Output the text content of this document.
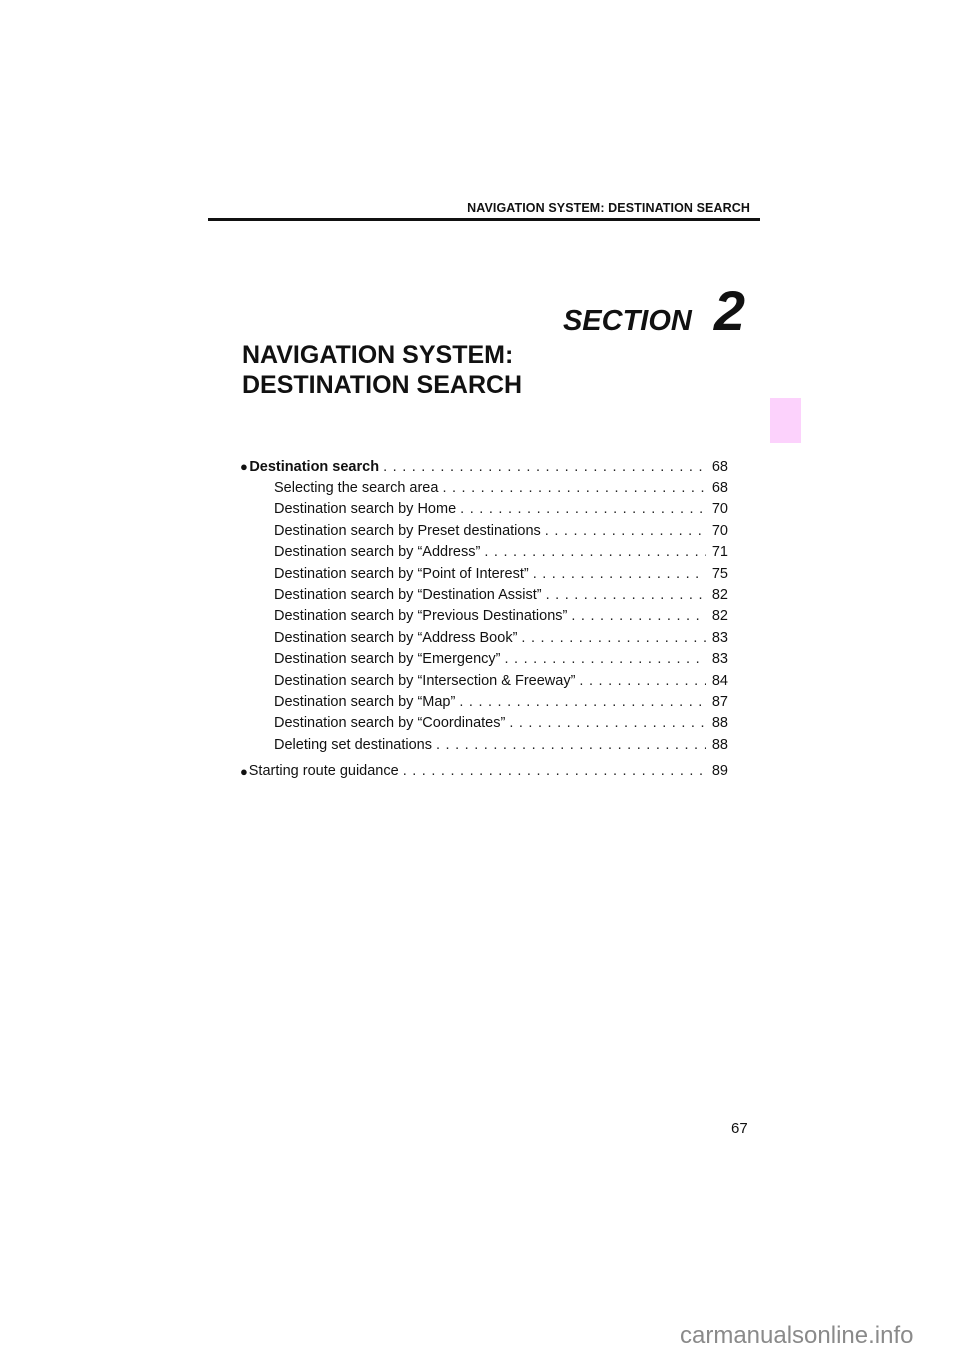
NAVIGATION SYSTEM: DESTINATION SEARCH
SECTION 2
NAVIGATION SYSTEM:
DESTINATION SEARCH
● Destination search . . .	68
Selecting the search area . . .	68
Destination search by Home . . .	70
Destination search by Preset destinations . . .	70
Destination search by “Address” . . .	71
Destination search by “Point of Interest” . . .	75
Destination search by “Destination Assist” . . .	82
Destination search by “Previous Destinations” . . .	82
Destination search by “Address Book” . . .	83
Destination search by “Emergency” . . .	83
Destination search by “Intersection & Freeway” . . .	84
Destination search by “Map” . . .	87
Destination search by “Coordinates” . . .	88
Deleting set destinations . . .	88
● Starting route guidance . . .	89
67
carmanualsonline.info
